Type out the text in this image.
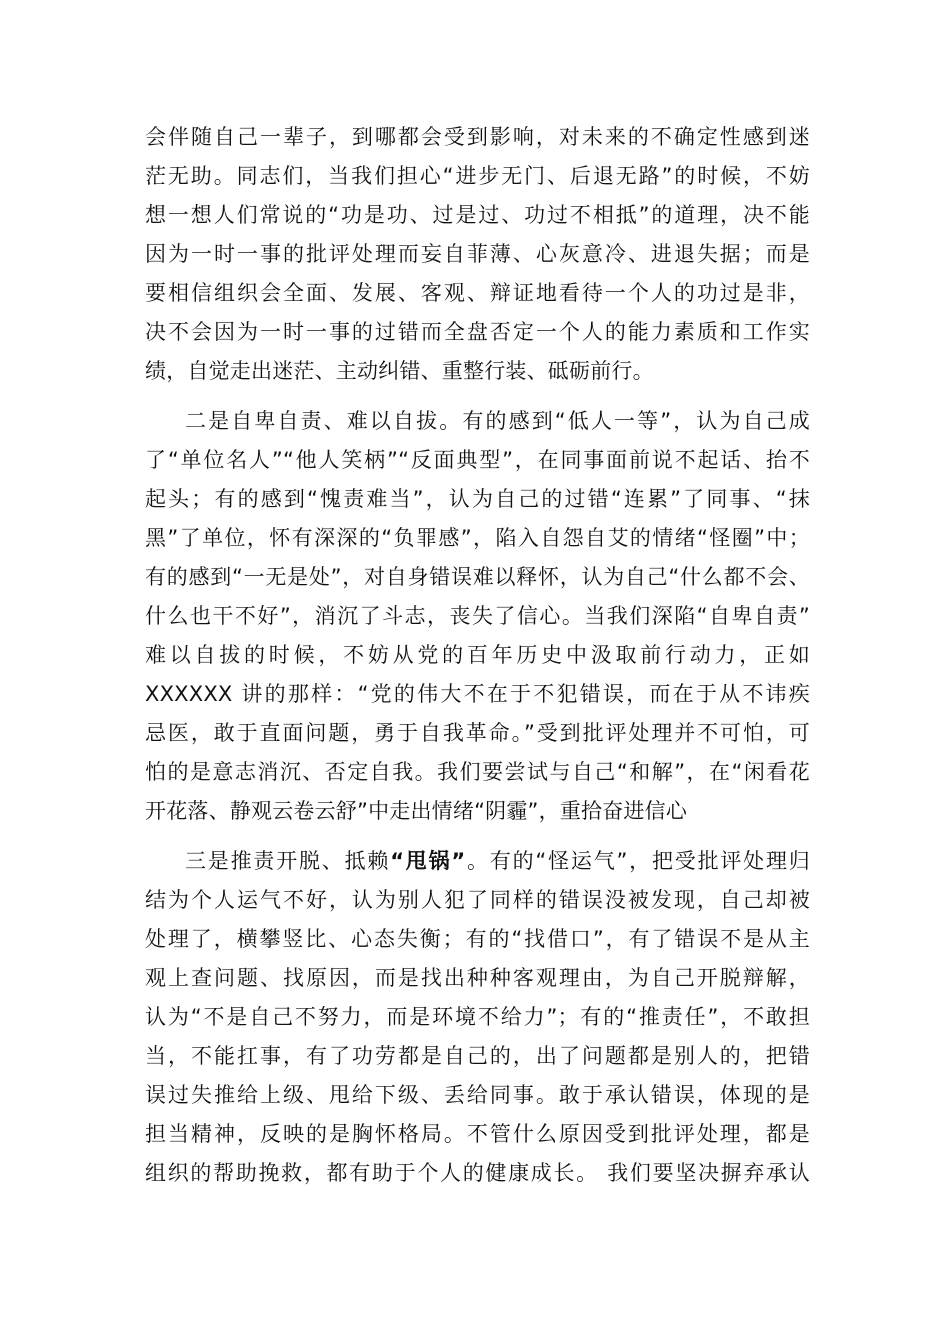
会伴随自己一辈子，到哪都会受到影响，对未来的不确定性感到迷
茫无助。同志们，当我们担心“进步无门、后退无路”的时候，不妨
想一想人们常说的“功是功、过是过、功过不相抵”的道理，决不能
因为一时一事的批评处理而妄自菲薄、心灰意冷、进退失据；而是
要相信组织会全面、发展、客观、辩证地看待一个人的功过是非，
决不会因为一时一事的过错而全盘否定一个人的能力素质和工作实
绩，自觉走出迷茫、主动纠错、重整行装、砥砺前行。
二是自卑自责、难以自拔。有的感到“低人一等”，认为自己成
了“单位名人”“他人笑柄”“反面典型”，在同事面前说不起话、抬不
起头；有的感到“愧责难当”，认为自己的过错“连累”了同事、“抹
黑”了单位，怀有深深的“负罪感”，陷入自怨自艾的情绪“怪圈”中；
有的感到“一无是处”，对自身错误难以释怀，认为自己“什么都不会、
什么也干不好”，消沉了斗志，丧失了信心。当我们深陷“自卑自责”
难以自拔的时候，不妨从党的百年历史中汲取前行动力，正如
XXXXXX 讲的那样：“党的伟大不在于不犯错误，而在于从不讳疾
忌医，敢于直面问题，勇于自我革命。”受到批评处理并不可怕，可
怕的是意志消沉、否定自我。我们要尝试与自己“和解”，在“闲看花
开花落、静观云卷云舒”中走出情绪“阴霾”，重拾奋进信心
三是推责开脱、抵赖“甩锅”。有的“怪运气”，把受批评处理归
结为个人运气不好，认为别人犯了同样的错误没被发现，自己却被
处理了，横攀竖比、心态失衡；有的“找借口”，有了错误不是从主
观上查问题、找原因，而是找出种种客观理由，为自己开脱辩解，
认为“不是自己不努力，而是环境不给力”；有的“推责任”，不敢担
当，不能扛事，有了功劳都是自己的，出了问题都是别人的，把错
误过失推给上级、甩给下级、丢给同事。敢于承认错误，体现的是
担当精神，反映的是胸怀格局。不管什么原因受到批评处理，都是
组织的帮助挽救，都有助于个人的健康成长。 我们要坚决摒弃承认
